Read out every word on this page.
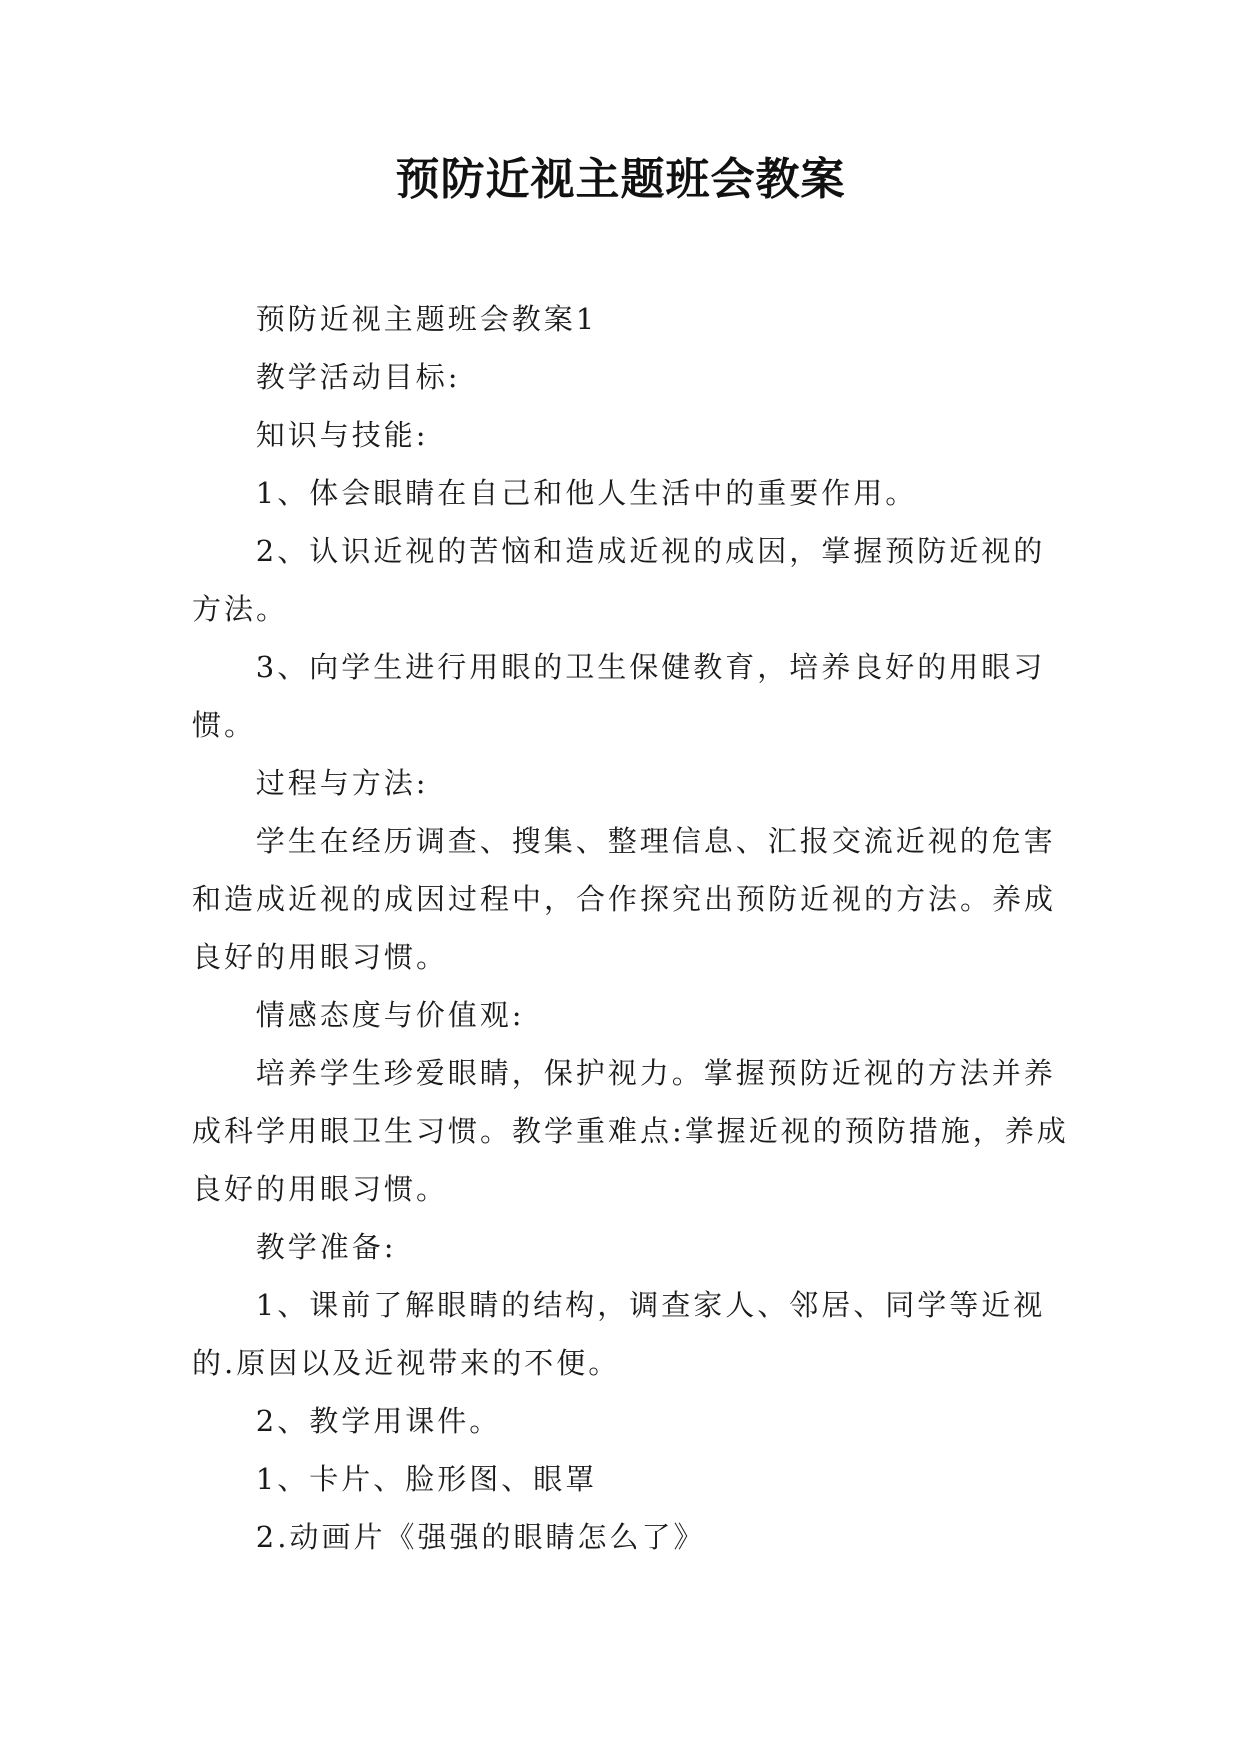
预防近视主题班会教案

预防近视主题班会教案1

教学活动目标:

知识与技能:

1、体会眼睛在自己和他人生活中的重要作用。

2、认识近视的苦恼和造成近视的成因，掌握预防近视的方法。

3、向学生进行用眼的卫生保健教育，培养良好的用眼习惯。

过程与方法:

学生在经历调查、搜集、整理信息、汇报交流近视的危害和造成近视的成因过程中，合作探究出预防近视的方法。养成良好的用眼习惯。

情感态度与价值观:

培养学生珍爱眼睛，保护视力。掌握预防近视的方法并养成科学用眼卫生习惯。教学重难点:掌握近视的预防措施，养成良好的用眼习惯。

教学准备:

1、课前了解眼睛的结构，调查家人、邻居、同学等近视的.原因以及近视带来的不便。

2、教学用课件。

1、卡片、脸形图、眼罩

2.动画片《强强的眼睛怎么了》
